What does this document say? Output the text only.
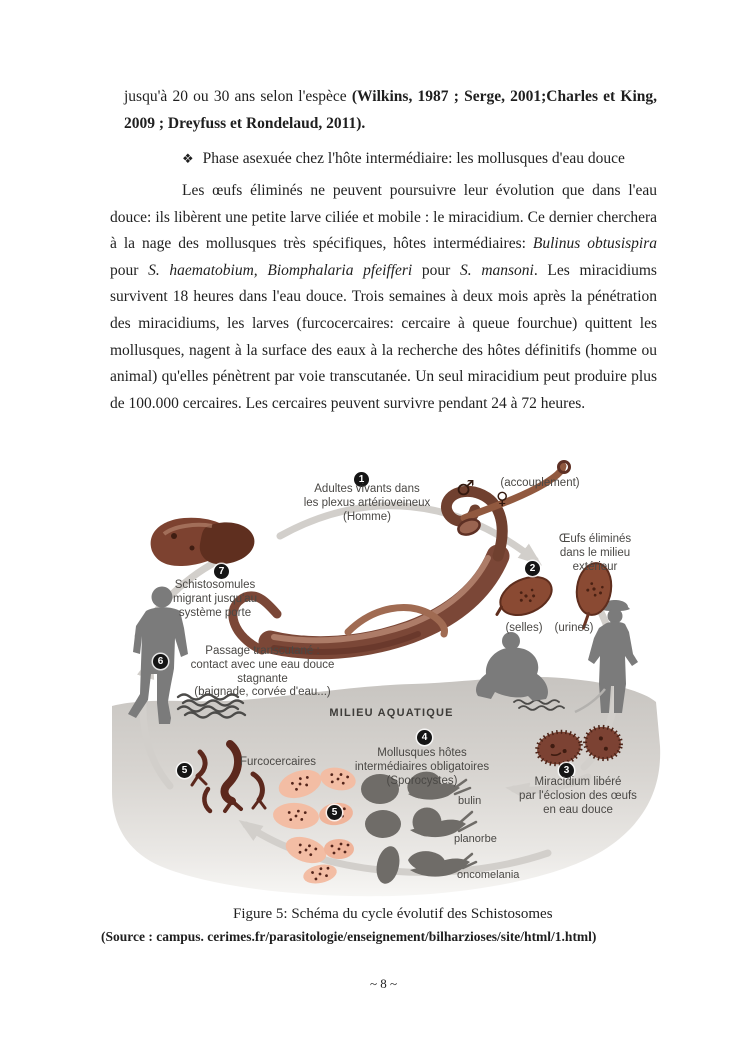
jusqu'à 20 ou 30 ans selon l'espèce (Wilkins, 1987 ; Serge, 2001;Charles et King, 2009 ; Dreyfuss et Rondelaud, 2011).
❖ Phase asexuée chez l'hôte intermédiaire: les mollusques d'eau douce
Les œufs éliminés ne peuvent poursuivre leur évolution que dans l'eau douce: ils libèrent une petite larve ciliée et mobile : le miracidium. Ce dernier cherchera à la nage des mollusques très spécifiques, hôtes intermédiaires: Bulinus obtusispira pour S. haematobium, Biomphalaria pfeifferi pour S. mansoni. Les miracidiums survivent 18 heures dans l'eau douce. Trois semaines à deux mois après la pénétration des miracidiums, les larves (furcocercaires: cercaire à queue fourchue) quittent les mollusques, nagent à la surface des eaux à la recherche des hôtes définitifs (homme ou animal) qu'elles pénètrent par voie transcutanée. Un seul miracidium peut produire plus de 100.000 cercaires. Les cercaires peuvent survivre pendant 24 à 72 heures.
1
2
3
4
5
5
6
7
Adultes vivants dans
les plexus artérioveineux
(Homme)
♂ ♀
(accouplement)
Œufs éliminés
dans le milieu
extérieur
(selles)	(urines)
Schistosomules
migrant jusqu'au
système porte
Passage transcutané :
contact avec une eau douce
stagnante
(baignade, corvée d'eau...)
MILIEU AQUATIQUE
Mollusques hôtes
intermédiaires obligatoires
(Sporocystes)
Furcocercaires
Miracidium libéré
par l'éclosion des œufs
en eau douce
bulin
planorbe
oncomelania
Figure 5: Schéma du cycle évolutif des Schistosomes
(Source : campus. cerimes.fr/parasitologie/enseignement/bilharzioses/site/html/1.html)
~ 8 ~
